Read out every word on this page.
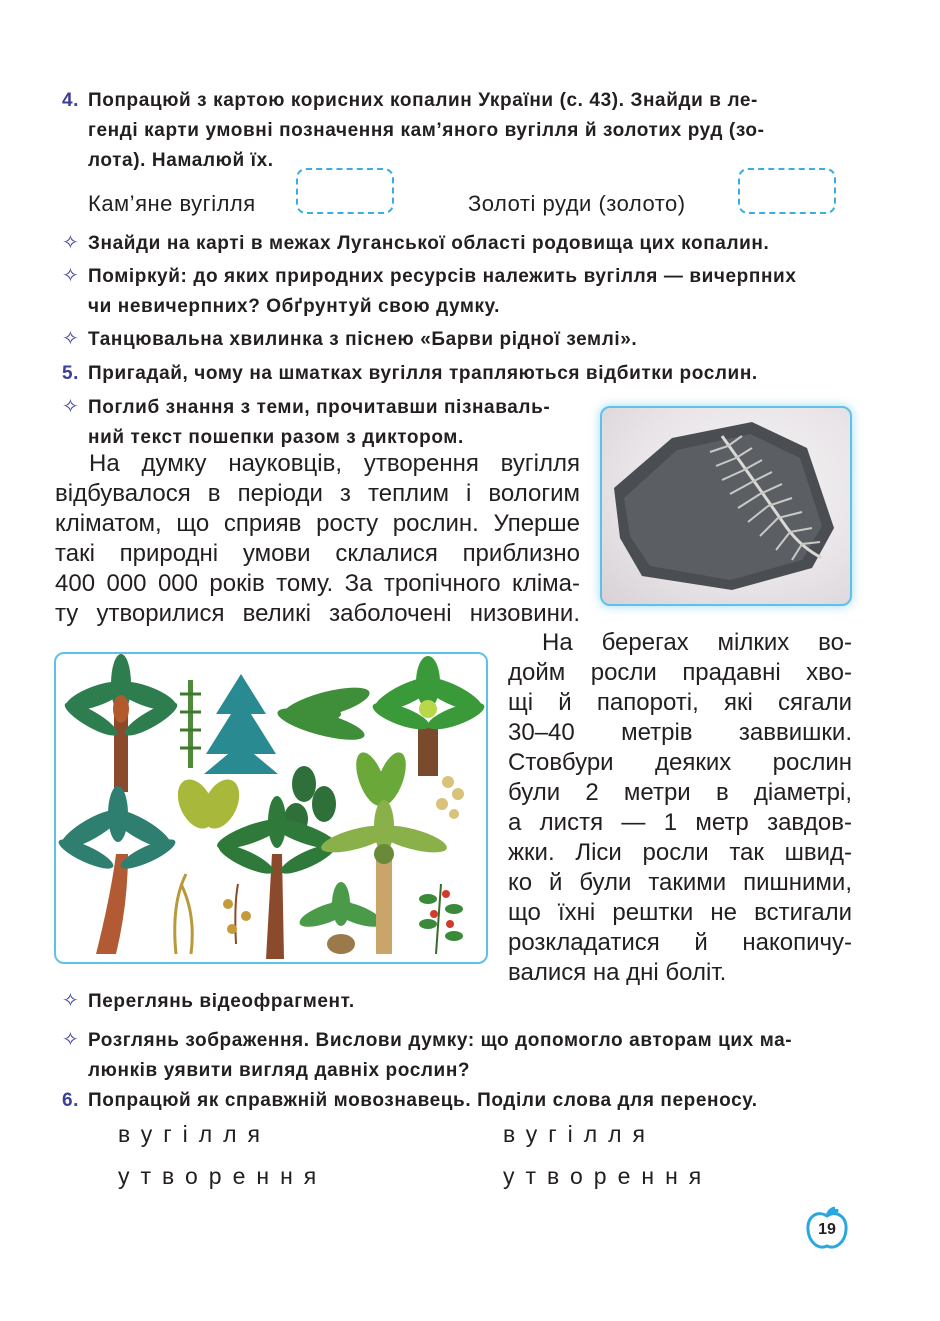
4. Попрацюй з картою корисних копалин України (с. 43). Знайди в ле-
генді карти умовні позначення кам’яного вугілля й золотих руд (зо-
лота). Намалюй їх.
Кам’яне вугілля	Золоті руди (золото)
✧ Знайди на карті в межах Луганської області родовища цих копалин.
✧ Поміркуй: до яких природних ресурсів належить вугілля — вичерпних
чи невичерпних? Обґрунтуй свою думку.
✧ Танцювальна хвилинка з піснею «Барви рідної землі».
5. Пригадай, чому на шматках вугілля трапляються відбитки рослин.
✧ Поглиб знання з теми, прочитавши пізнаваль-
ний текст пошепки разом з диктором.
На думку науковців, утворення вугілля
відбувалося в періоди з теплим і вологим
кліматом, що сприяв росту рослин. Уперше
такі природні умови склалися приблизно
400 000 000 років тому. За тропічного кліма-
ту утворилися великі заболочені низовини.
На берегах мілких во-
дойм росли прадавні хво-
щі й папороті, які сягали
30–40 метрів заввишки.
Стовбури деяких рослин
були 2 метри в діаметрі,
а листя — 1 метр завдов-
жки. Ліси росли так швид-
ко й були такими пишними,
що їхні рештки не встигали
розкладатися й накопичу-
валися на дні боліт.
✧ Переглянь відеофрагмент.
✧ Розглянь зображення. Вислови думку: що допомогло авторам цих ма-
люнків уявити вигляд давніх рослин?
6. Попрацюй як справжній мовознавець. Поділи слова для переносу.
вугілля	вугілля
утворення	утворення
19
